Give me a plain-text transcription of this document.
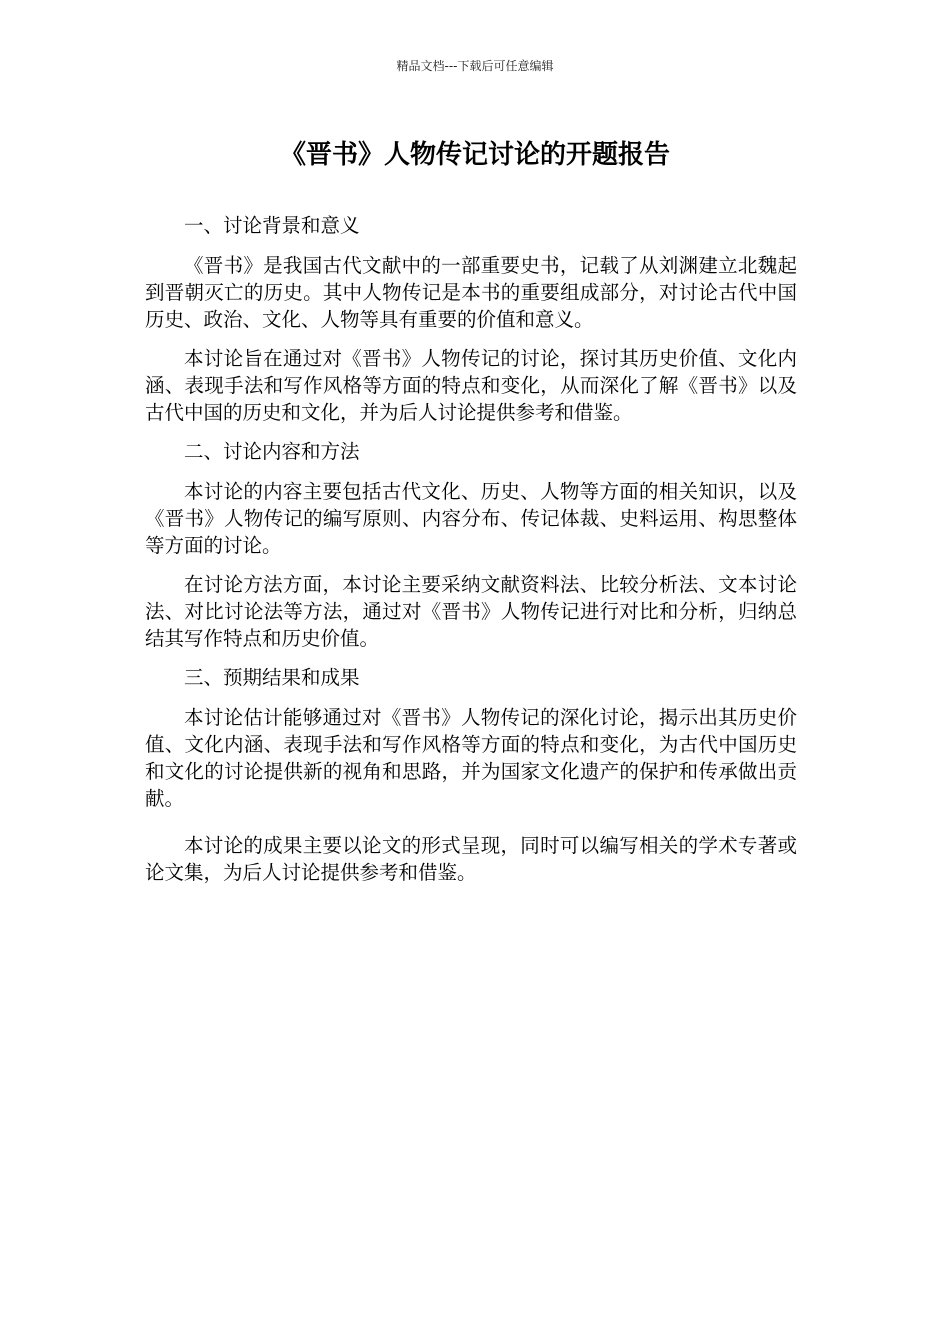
精品文档---下载后可任意编辑
《晋书》人物传记讨论的开题报告
一、讨论背景和意义

《晋书》是我国古代文献中的一部重要史书，记载了从刘渊建立北魏起到晋朝灭亡的历史。其中人物传记是本书的重要组成部分，对讨论古代中国历史、政治、文化、人物等具有重要的价值和意义。

本讨论旨在通过对《晋书》人物传记的讨论，探讨其历史价值、文化内涵、表现手法和写作风格等方面的特点和变化，从而深化了解《晋书》以及古代中国的历史和文化，并为后人讨论提供参考和借鉴。

二、讨论内容和方法

本讨论的内容主要包括古代文化、历史、人物等方面的相关知识，以及《晋书》人物传记的编写原则、内容分布、传记体裁、史料运用、构思整体等方面的讨论。

在讨论方法方面，本讨论主要采纳文献资料法、比较分析法、文本讨论法、对比讨论法等方法，通过对《晋书》人物传记进行对比和分析，归纳总结其写作特点和历史价值。

三、预期结果和成果

本讨论估计能够通过对《晋书》人物传记的深化讨论，揭示出其历史价值、文化内涵、表现手法和写作风格等方面的特点和变化，为古代中国历史和文化的讨论提供新的视角和思路，并为国家文化遗产的保护和传承做出贡献。

本讨论的成果主要以论文的形式呈现，同时可以编写相关的学术专著或论文集，为后人讨论提供参考和借鉴。
